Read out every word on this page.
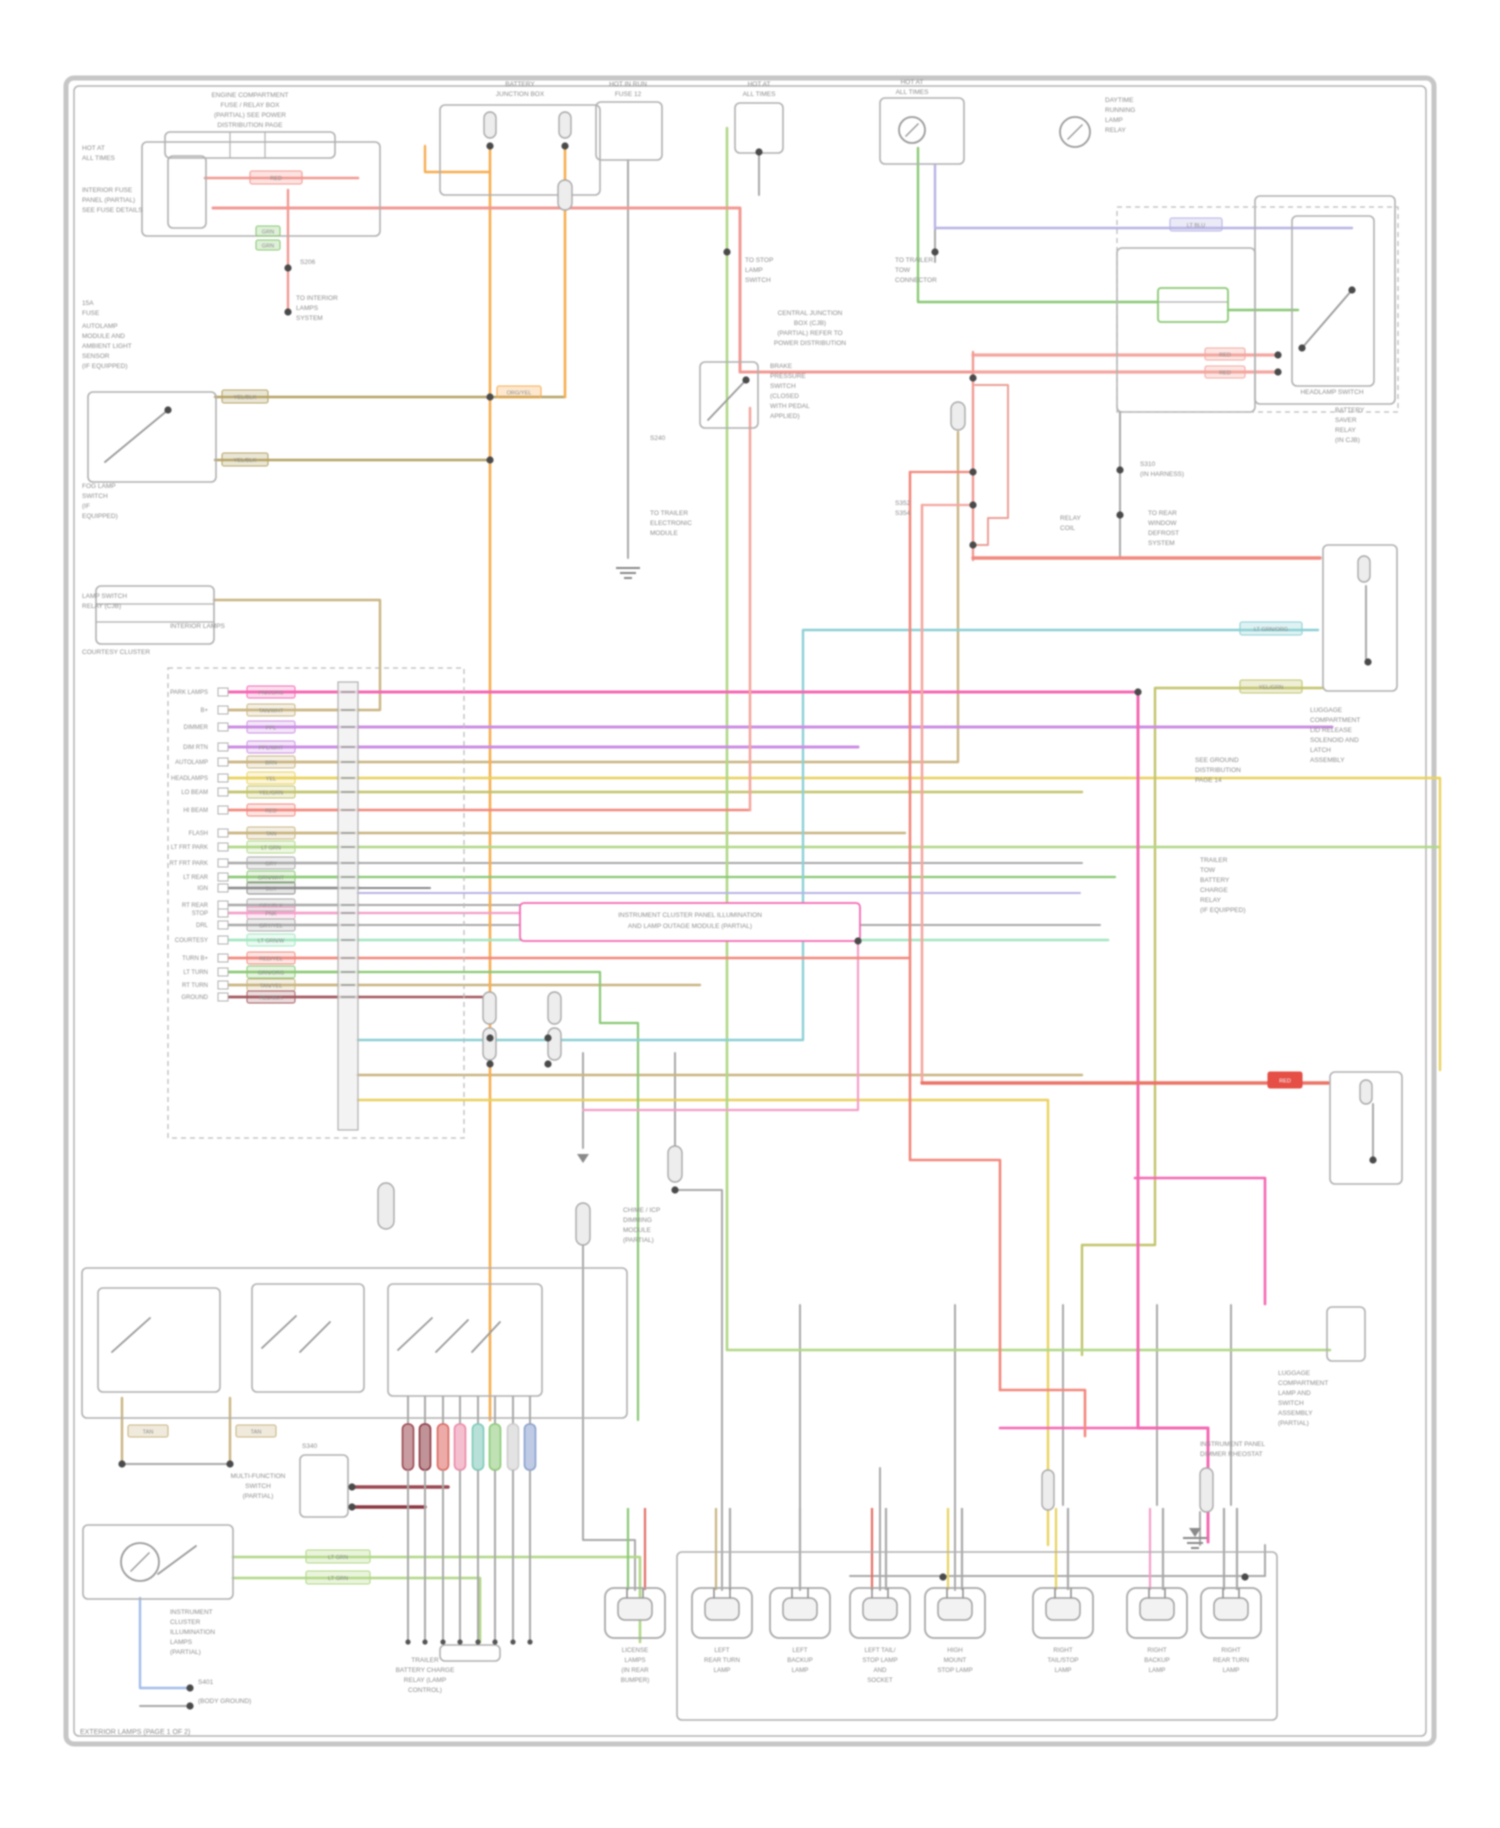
PARK LAMPS	PNK/ORG
B+	TAN/WHT
DIMMER	PPL
DIM RTN	PPL/WHT
AUTOLAMP	BRN
HEADLAMPS	YEL
LO BEAM	YEL/GRN
HI BEAM	RED
FLASH	TAN
LT FRT PARK	LT GRN
RT FRT PARK	GRY
LT REAR	GRN/WHT
IGN	BLK
RT REAR	GRY/BLK
STOP	PNK
DRL	GRY/YEL
COURTESY	LT GRN/W
TURN B+	RED/YEL
LT TURN	GRN/ORG
RT TURN	TAN/YEL
GROUND	RED/BLK
INSTRUMENT CLUSTER PANEL ILLUMINATION
AND LAMP OUTAGE MODULE (PARTIAL)
LICENSE
LAMPS
(IN REAR
BUMPER)
LEFT
REAR TURN
LAMP
LEFT
BACKUP
LAMP
LEFT TAIL/
STOP LAMP
AND
SOCKET
HIGH
MOUNT
STOP LAMP
RIGHT
TAIL/STOP
LAMP
RIGHT
BACKUP
LAMP
RIGHT
REAR TURN
LAMP
RED
YEL/BLK
YEL/BLK
ORG/YEL
LT BLU
RED
RED
LT GRN/ORG
YEL/GRN
LT GRN
LT GRN
TAN	TAN
RED
GRN
GRN
ENGINE COMPARTMENT
FUSE / RELAY BOX
(PARTIAL) SEE POWER
DISTRIBUTION PAGE
HOT AT
ALL TIMES
INTERIOR FUSE
PANEL (PARTIAL)
SEE FUSE DETAILS
15A
FUSE
S206
TO INTERIOR
LAMPS
SYSTEM
AUTOLAMP
MODULE AND
AMBIENT LIGHT
SENSOR
(IF EQUIPPED)
FOG LAMP
SWITCH
(IF
EQUIPPED)
BATTERY
JUNCTION BOX
HOT IN RUN
FUSE 12
HOT AT
ALL TIMES
HOT AT
ALL TIMES
DAYTIME
RUNNING
LAMP
RELAY
TO STOP
LAMP
SWITCH
TO TRAILER
TOW
CONNECTOR
CENTRAL JUNCTION
BOX (CJB)
(PARTIAL) REFER TO
POWER DISTRIBUTION
BRAKE
PRESSURE
SWITCH
(CLOSED
WITH PEDAL
APPLIED)
S240
TO TRAILER
ELECTRONIC
MODULE
S310
(IN HARNESS)
TO REAR
WINDOW
DEFROST
SYSTEM
HEADLAMP SWITCH
BATTERY
SAVER
RELAY
(IN CJB)
LUGGAGE
COMPARTMENT
LID RELEASE
SOLENOID AND
LATCH
ASSEMBLY
SEE GROUND
DISTRIBUTION
PAGE 14
TRAILER
TOW
BATTERY
CHARGE
RELAY
(IF EQUIPPED)
CHIME / ICP
DIMMING
MODULE
(PARTIAL)
S340
MULTI-FUNCTION
SWITCH
(PARTIAL)
INSTRUMENT
CLUSTER
ILLUMINATION
LAMPS
(PARTIAL)
S401
(BODY GROUND)
TRAILER
BATTERY CHARGE
RELAY (LAMP
CONTROL)
LUGGAGE
COMPARTMENT
LAMP AND
SWITCH
ASSEMBLY
(PARTIAL)
INSTRUMENT PANEL
DIMMER RHEOSTAT
INTERIOR LAMPS
LAMP SWITCH
RELAY (CJB)
COURTESY CLUSTER
S352
S354
RELAY
COIL
EXTERIOR LAMPS (PAGE 1 OF 2)
